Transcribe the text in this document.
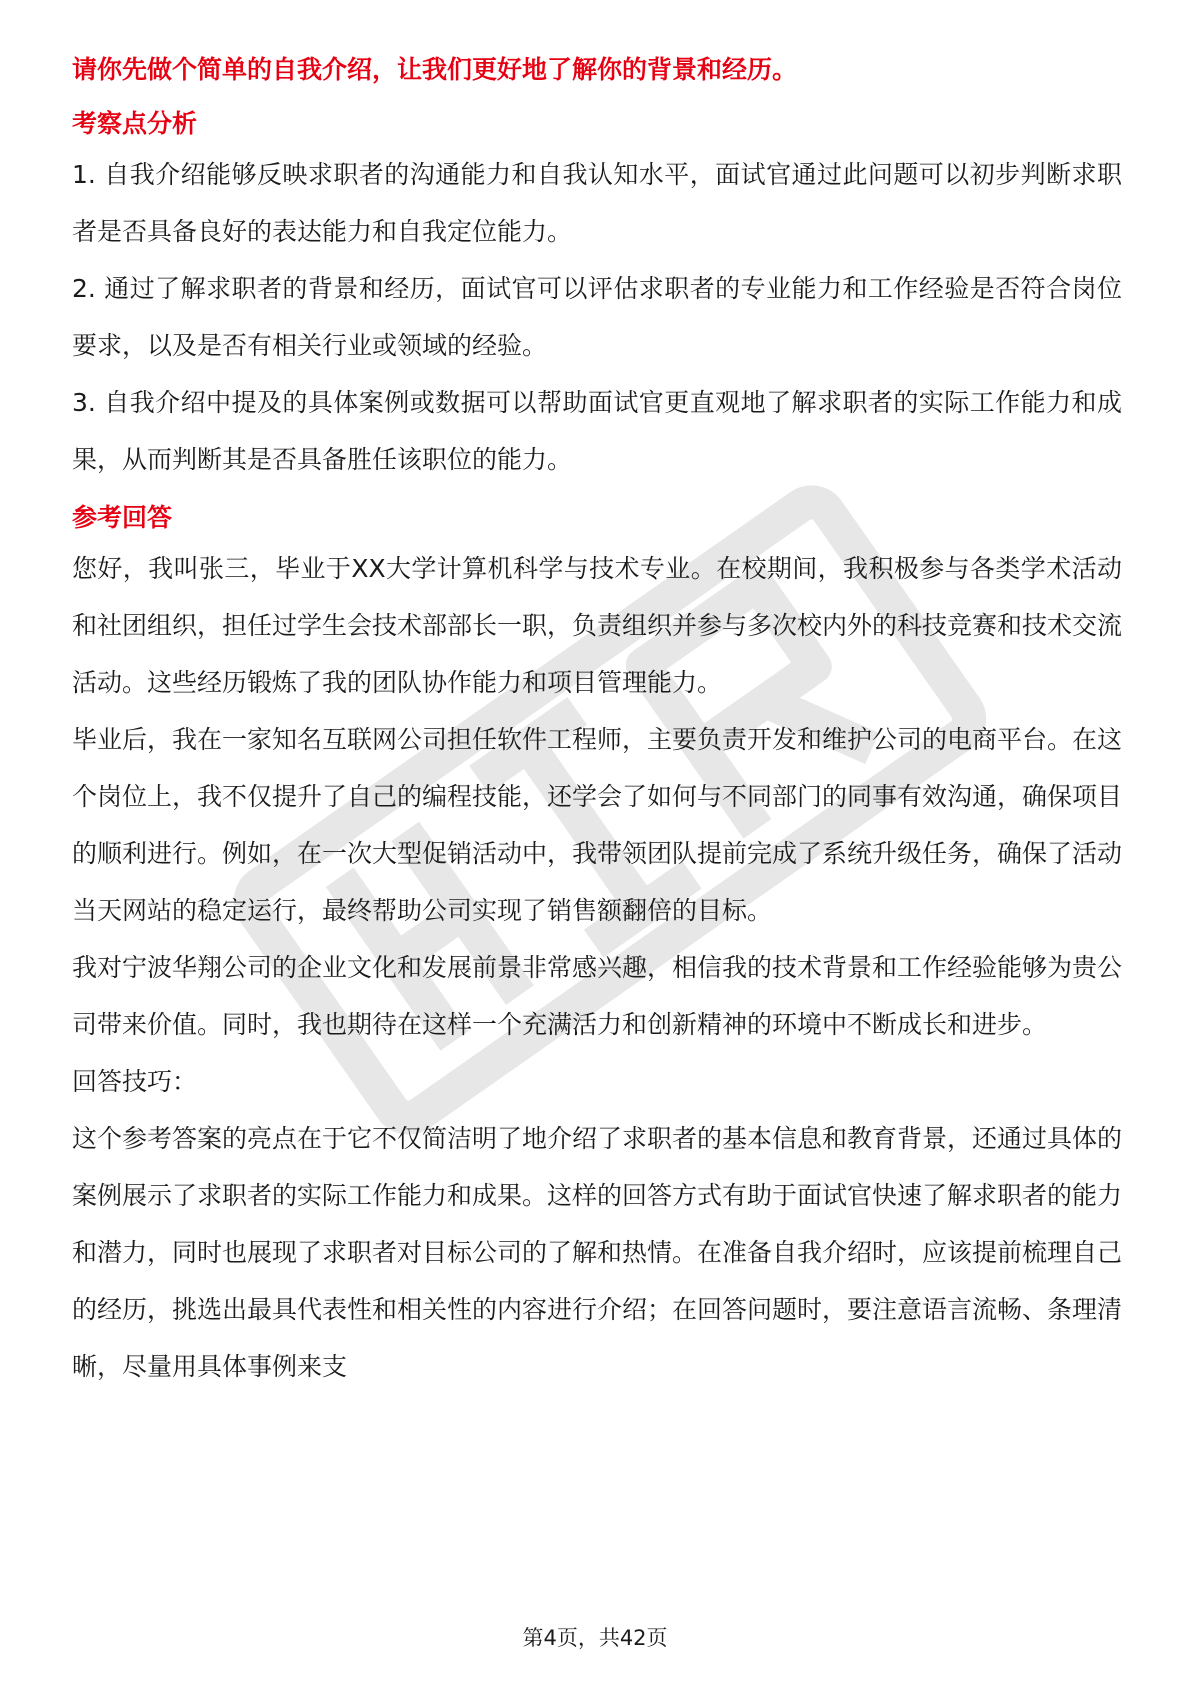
请你先做个简单的自我介绍，让我们更好地了解你的背景和经历。

考察点分析

1. 自我介绍能够反映求职者的沟通能力和自我认知水平，面试官通过此问题可以初步判断求职者是否具备良好的表达能力和自我定位能力。

2. 通过了解求职者的背景和经历，面试官可以评估求职者的专业能力和工作经验是否符合岗位要求，以及是否有相关行业或领域的经验。

3. 自我介绍中提及的具体案例或数据可以帮助面试官更直观地了解求职者的实际工作能力和成果，从而判断其是否具备胜任该职位的能力。

参考回答

您好，我叫张三，毕业于XX大学计算机科学与技术专业。在校期间，我积极参与各类学术活动和社团组织，担任过学生会技术部部长一职，负责组织并参与多次校内外的科技竞赛和技术交流活动。这些经历锻炼了我的团队协作能力和项目管理能力。

毕业后，我在一家知名互联网公司担任软件工程师，主要负责开发和维护公司的电商平台。在这个岗位上，我不仅提升了自己的编程技能，还学会了如何与不同部门的同事有效沟通，确保项目的顺利进行。例如，在一次大型促销活动中，我带领团队提前完成了系统升级任务，确保了活动当天网站的稳定运行，最终帮助公司实现了销售额翻倍的目标。

我对宁波华翔公司的企业文化和发展前景非常感兴趣，相信我的技术背景和工作经验能够为贵公司带来价值。同时，我也期待在这样一个充满活力和创新精神的环境中不断成长和进步。

回答技巧：

这个参考答案的亮点在于它不仅简洁明了地介绍了求职者的基本信息和教育背景，还通过具体的案例展示了求职者的实际工作能力和成果。这样的回答方式有助于面试官快速了解求职者的能力和潜力，同时也展现了求职者对目标公司的了解和热情。在准备自我介绍时，应该提前梳理自己的经历，挑选出最具代表性和相关性的内容进行介绍；在回答问题时，要注意语言流畅、条理清晰，尽量用具体事例来支

第4页，共42页
